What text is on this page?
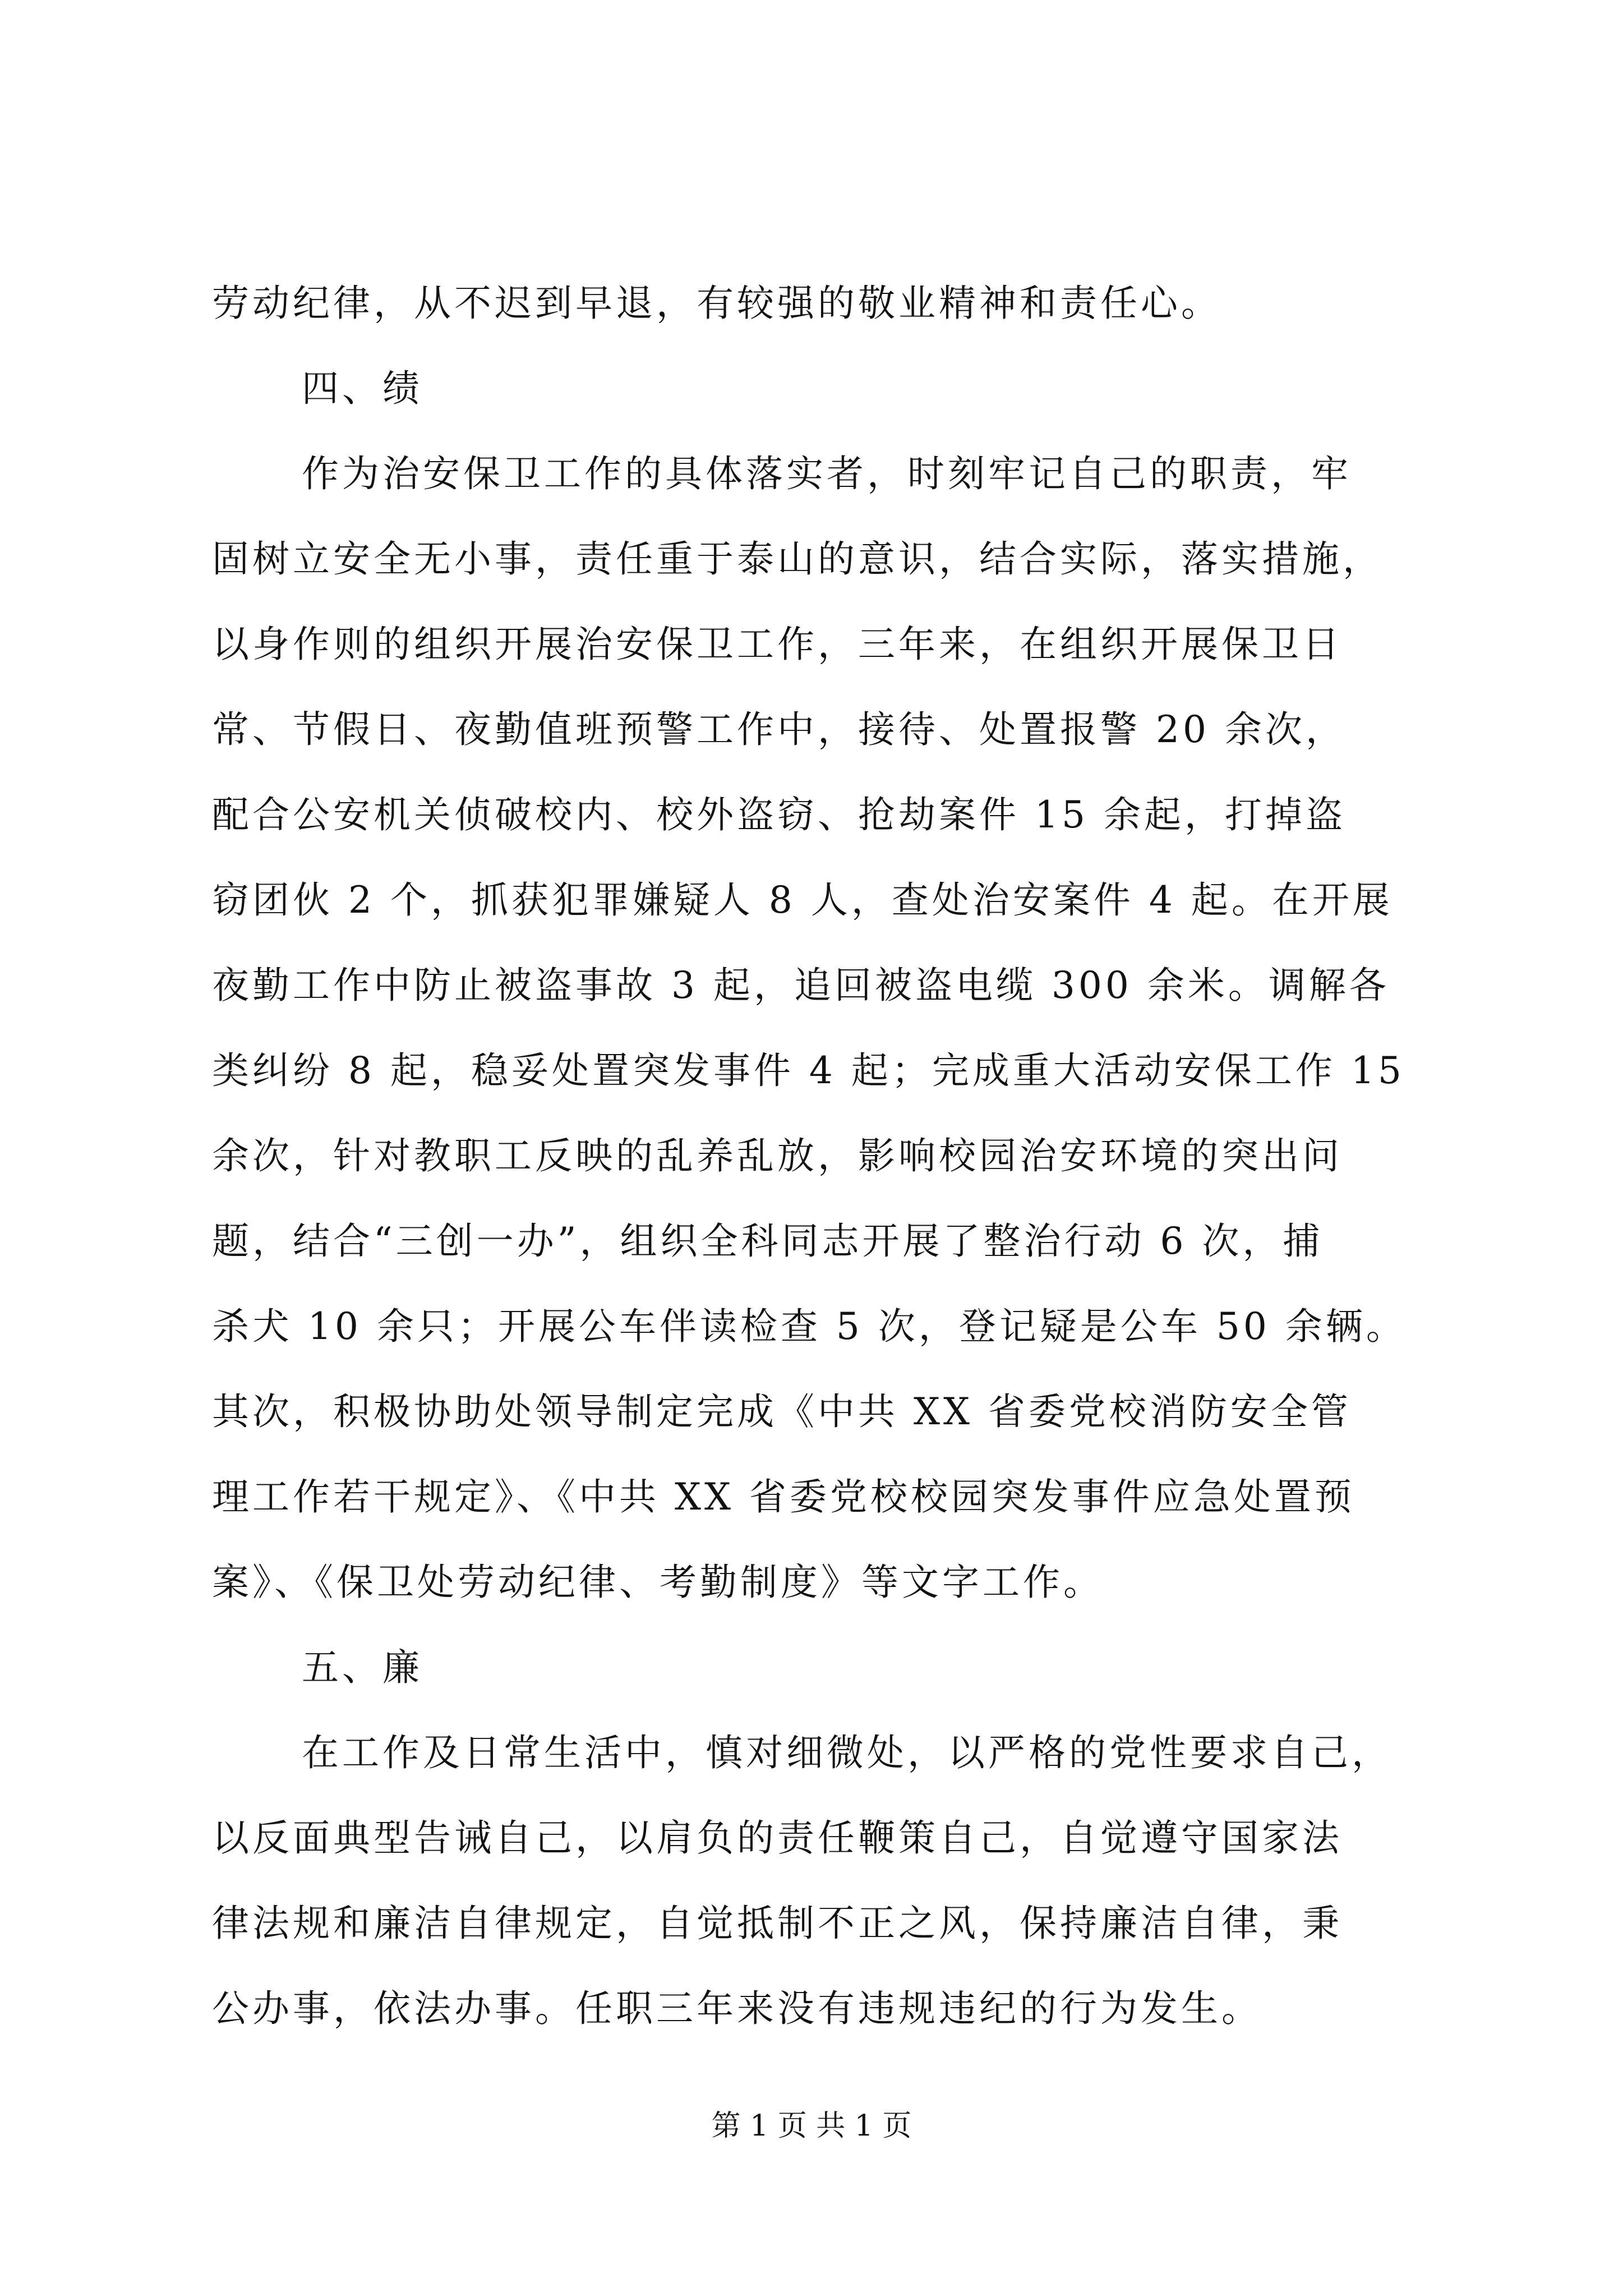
劳动纪律，从不迟到早退，有较强的敬业精神和责任心。
四、绩
作为治安保卫工作的具体落实者，时刻牢记自己的职责，牢
固树立安全无小事，责任重于泰山的意识，结合实际，落实措施，
以身作则的组织开展治安保卫工作，三年来，在组织开展保卫日
常、节假日、夜勤值班预警工作中，接待、处置报警 20 余次，
配合公安机关侦破校内、校外盗窃、抢劫案件 15 余起，打掉盗
窃团伙 2 个，抓获犯罪嫌疑人 8 人，查处治安案件 4 起。在开展
夜勤工作中防止被盗事故 3 起，追回被盗电缆 300 余米。调解各
类纠纷 8 起，稳妥处置突发事件 4 起；完成重大活动安保工作 15
余次，针对教职工反映的乱养乱放，影响校园治安环境的突出问
题，结合“三创一办”，组织全科同志开展了整治行动 6 次，捕
杀犬 10 余只；开展公车伴读检查 5 次，登记疑是公车 50 余辆。
其次，积极协助处领导制定完成《中共 XX 省委党校消防安全管
理工作若干规定》、《中共 XX 省委党校校园突发事件应急处置预
案》、《保卫处劳动纪律、考勤制度》等文字工作。
五、廉
在工作及日常生活中，慎对细微处，以严格的党性要求自己，
以反面典型告诫自己，以肩负的责任鞭策自己，自觉遵守国家法
律法规和廉洁自律规定，自觉抵制不正之风，保持廉洁自律，秉
公办事，依法办事。任职三年来没有违规违纪的行为发生。
第 1 页 共 1 页
